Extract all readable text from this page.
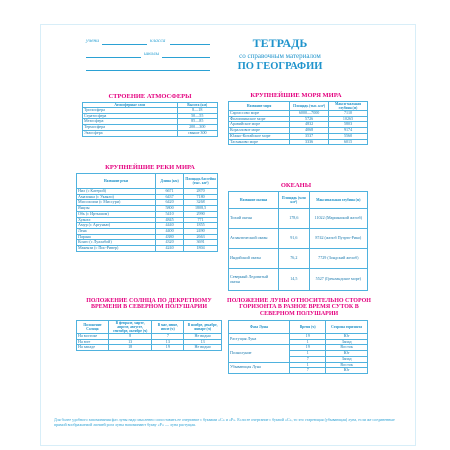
учени	класса
школы
ТЕТРАДЬ
со справочным материалом
ПО ГЕОГРАФИИ
СТРОЕНИЕ АТМОСФЕРЫ
Атмосферные слои	Высота (км)
Тропосфера	8—18
Стратосфера	50—55
Мезосфера	85—85
Термосфера	200—300
Экзосфера	свыше 300
КРУПНЕЙШИЕ МОРЯ МИРА
Название моря	Площадь (тыс. км²)	Макси-мальная глубина (м)
Саргассово море	6000—7000	7110
Филиппинское море	5726	10265
Аравийское море	4832	5803
Коралловое море	4068	9174
Южно-Китайское море	3537	5560
Тасманово море	3336	6015
КРУПНЕЙШИЕ РЕКИ МИРА
Название реки	Длина (км)	Площадь бассейна (тыс. км²)
Нил (с Кагерой)	6671	2870
Амазонка (с Укаяли)	6437	7180
Миссисипи (с Миссури)	6420	3268
Янцзы	5800	1808,5
Обь (с Иртышом)	5410	2990
Хуанхэ	4845	771
Амур (с Аргунью)	4440	1855
Лена	4400	2490
Парана	4380	2663
Конго (с Луалабой)	4320	3691
Макензи (с Пис-Ривер)	4240	1804
ОКЕАНЫ
Название океана	Площадь (млн км²)	Максимальная глубина (м)
Тихий океан	178,6	11022 (Марианский желоб)
Атлантический океан	91,6	8742 (желоб Пуэрто-Рико)
Индийский океан	76,2	7729 (Зондский желоб)
Северный Ледовитый океан	14,5	5527 (Гренландское море)
ПОЛОЖЕНИЕ СОЛНЦА ПО ДЕКРЕТНОМУ ВРЕМЕНИ В СЕВЕРНОМ ПОЛУШАРИИ
Положение Солнца	В феврале, марте, апреле, августе, сентябре, октябре (ч)	В мае, июне, июле (ч)	В ноябре, декабре, январе (ч)
На востоке	8	7	Не видно
На юге	13	13	13
На западе	18	19	Не видно
ПОЛОЖЕНИЕ ЛУНЫ ОТНОСИТЕЛЬНО СТОРОН ГОРИЗОНТА В РАЗНОЕ ВРЕМЯ СУТОК В СЕВЕРНОМ ПОЛУШАРИИ
Фаза Луны	Время (ч)	Сторона горизонта
Растущая Луна	19	Юг
	1	Запад
Полнолуние	19	Восток
	1	Юг
	7	Запад
Убывающая Луна	1	Восток
	7	Юг
Для более удобного запоминания фаз луны надо мысленно сопоставить ее очертание с буквами «С» и «Р». Если ее очертание с буквой «С», то это стареющая (убывающая) луна, если же соединенные прямой воображаемой линией рога луны напоминают букву «Р» — луна растущая.
